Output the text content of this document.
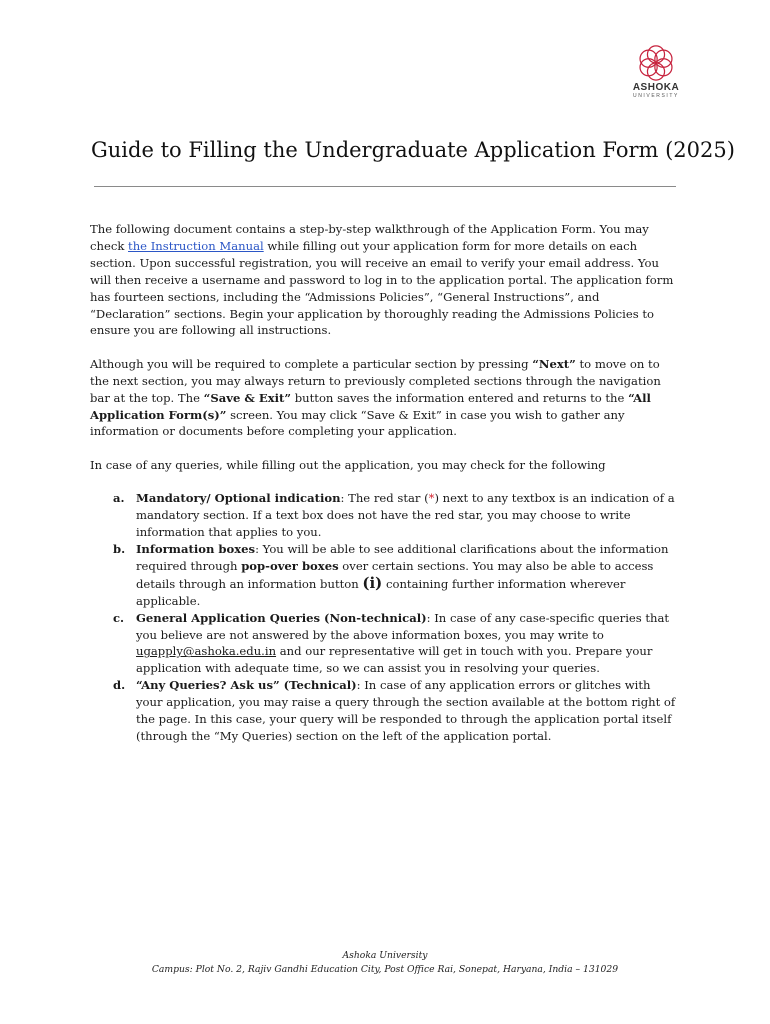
ASHOKA
UNIVERSITY
Guide to Filling the Undergraduate Application Form (2025)

The following document contains a step-by-step walkthrough of the Application Form. You may check the Instruction Manual while filling out your application form for more details on each section. Upon successful registration, you will receive an email to verify your email address. You will then receive a username and password to log in to the application portal. The application form has fourteen sections, including the “Admissions Policies”, “General Instructions”, and “Declaration” sections. Begin your application by thoroughly reading the Admissions Policies to ensure you are following all instructions.

Although you will be required to complete a particular section by pressing “Next” to move on to the next section, you may always return to previously completed sections through the navigation bar at the top. The “Save & Exit” button saves the information entered and returns to the “All Application Form(s)” screen. You may click “Save & Exit” in case you wish to gather any information or documents before completing your application.

In case of any queries, while filling out the application, you may check for the following

a. Mandatory/ Optional indication: The red star (*) next to any textbox is an indication of a mandatory section. If a text box does not have the red star, you may choose to write information that applies to you.
b. Information boxes: You will be able to see additional clarifications about the information required through pop-over boxes over certain sections. You may also be able to access details through an information button (i) containing further information wherever applicable.
c. General Application Queries (Non-technical): In case of any case-specific queries that you believe are not answered by the above information boxes, you may write to ugapply@ashoka.edu.in and our representative will get in touch with you. Prepare your application with adequate time, so we can assist you in resolving your queries.
d. “Any Queries? Ask us” (Technical): In case of any application errors or glitches with your application, you may raise a query through the section available at the bottom right of the page. In this case, your query will be responded to through the application portal itself (through the “My Queries) section on the left of the application portal.
Ashoka University
Campus: Plot No. 2, Rajiv Gandhi Education City, Post Office Rai, Sonepat, Haryana, India – 131029
